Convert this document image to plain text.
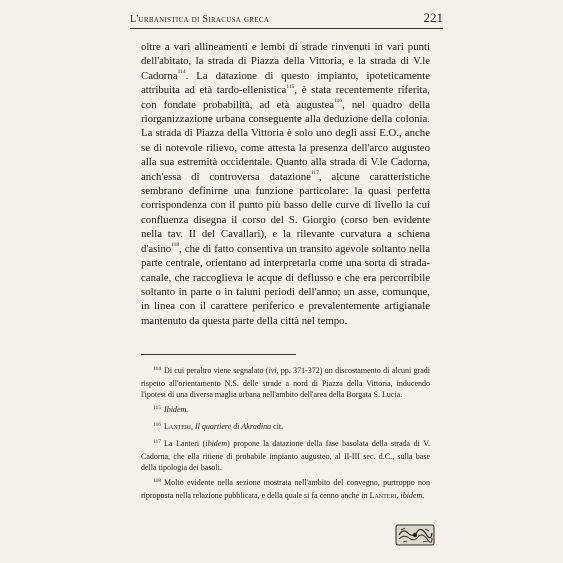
L'urbanistica di Siracusa greca	221

oltre a vari allineamenti e lembi di strade rinvenuti in vari punti dell'abitato, la strada di Piazza della Vittoria, e la strada di V.le Cadorna$^{114}$. La datazione di questo impianto, ipoteticamente attribuita ad età tardo-ellenistica$^{115}$, è stata recentemente riferita, con fondate probabilità, ad età augustea$^{116}$, nel quadro della riorganizzazione urbana conseguente alla deduzione della colonia. La strada di Piazza della Vittoria è solo uno degli assi E.O., anche se di notevole rilievo, come attesta la presenza dell'arco augusteo alla sua estremità occidentale. Quanto alla strada di V.le Cadorna, anch'essa di controversa datazione$^{117}$, alcune caratteristiche sembrano definirne una funzione particolare: la quasi perfetta corrispondenza con il punto più basso delle curve di livello la cui confluenza disegna il corso del S. Giorgio (corso ben evidente nella tav. II del Cavallari), e la rilevante curvatura a schiena d'asino$^{118}$, che di fatto consentiva un transito agevole soltanto nella parte centrale, orientano ad interpretarla come una sorta di strada-canale, che raccoglieva le acque di deflusso e che era percorribile soltanto in parte o in taluni periodi dell'anno; un asse, comunque, in linea con il carattere periferico e prevalentemente artigianale mantenuto da questa parte della città nel tempo.

$^{114}$ Di cui peraltro viene segnalato (ivi, pp. 371-372) un discostamento di alcuni gradi rispetto all'orientamento N.S. delle strade a nord di Piazza della Vittoria, inducendo l'ipotesi di una diversa maglia urbana nell'ambito dell'area della Borgata S. Lucia.

$^{115}$ Ibidem.

$^{116}$ Lanteri, Il quartiere di Akradina cit.

$^{117}$ La Lanteri (ibidem) propone la datazione della fase basolata della strada di V. Cadorna, che ella ritiene di probabile impianto augusteo, al II-III sec. d.C., sulla base della tipologia dei basoli.

$^{118}$ Molto evidente nella sezione mostrata nell'ambito del convegno, purtroppo non riproposta nella relazione pubblicata, e della quale si fa cenno anche in Lanteri, ibidem.
